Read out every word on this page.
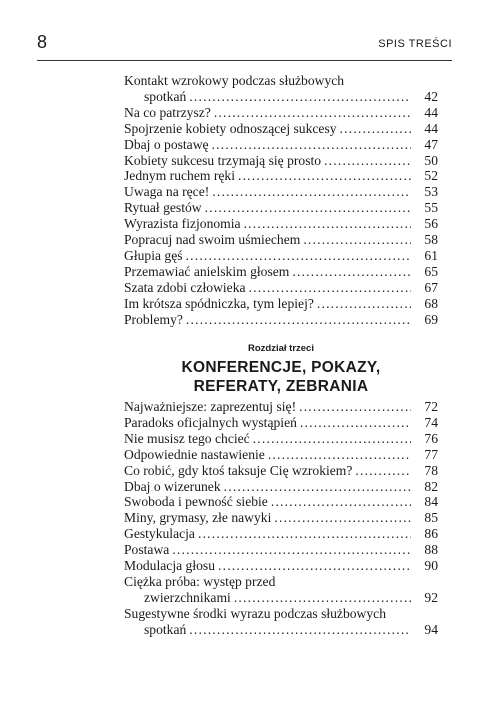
8	SPIS TREŚCI
Kontakt wzrokowy podczas służbowych
spotkań .....	42
Na co patrzysz? .....	44
Spojrzenie kobiety odnoszącej sukcesy .....	44
Dbaj o postawę .....	47
Kobiety sukcesu trzymają się prosto .....	50
Jednym ruchem ręki .....	52
Uwaga na ręce! .....	53
Rytuał gestów .....	55
Wyrazista fizjonomia .....	56
Popracuj nad swoim uśmiechem .....	58
Głupia gęś .....	61
Przemawiać anielskim głosem .....	65
Szata zdobi człowieka .....	67
Im krótsza spódniczka, tym lepiej? .....	68
Problemy? .....	69
Rozdział trzeci
KONFERENCJE, POKAZY,
REFERATY, ZEBRANIA
Najważniejsze: zaprezentuj się! .....	72
Paradoks oficjalnych wystąpień .....	74
Nie musisz tego chcieć .....	76
Odpowiednie nastawienie .....	77
Co robić, gdy ktoś taksuje Cię wzrokiem? .....	78
Dbaj o wizerunek .....	82
Swoboda i pewność siebie .....	84
Miny, grymasy, złe nawyki .....	85
Gestykulacja .....	86
Postawa .....	88
Modulacja głosu .....	90
Ciężka próba: występ przed
zwierzchnikami .....	92
Sugestywne środki wyrazu podczas służbowych
spotkań .....	94
